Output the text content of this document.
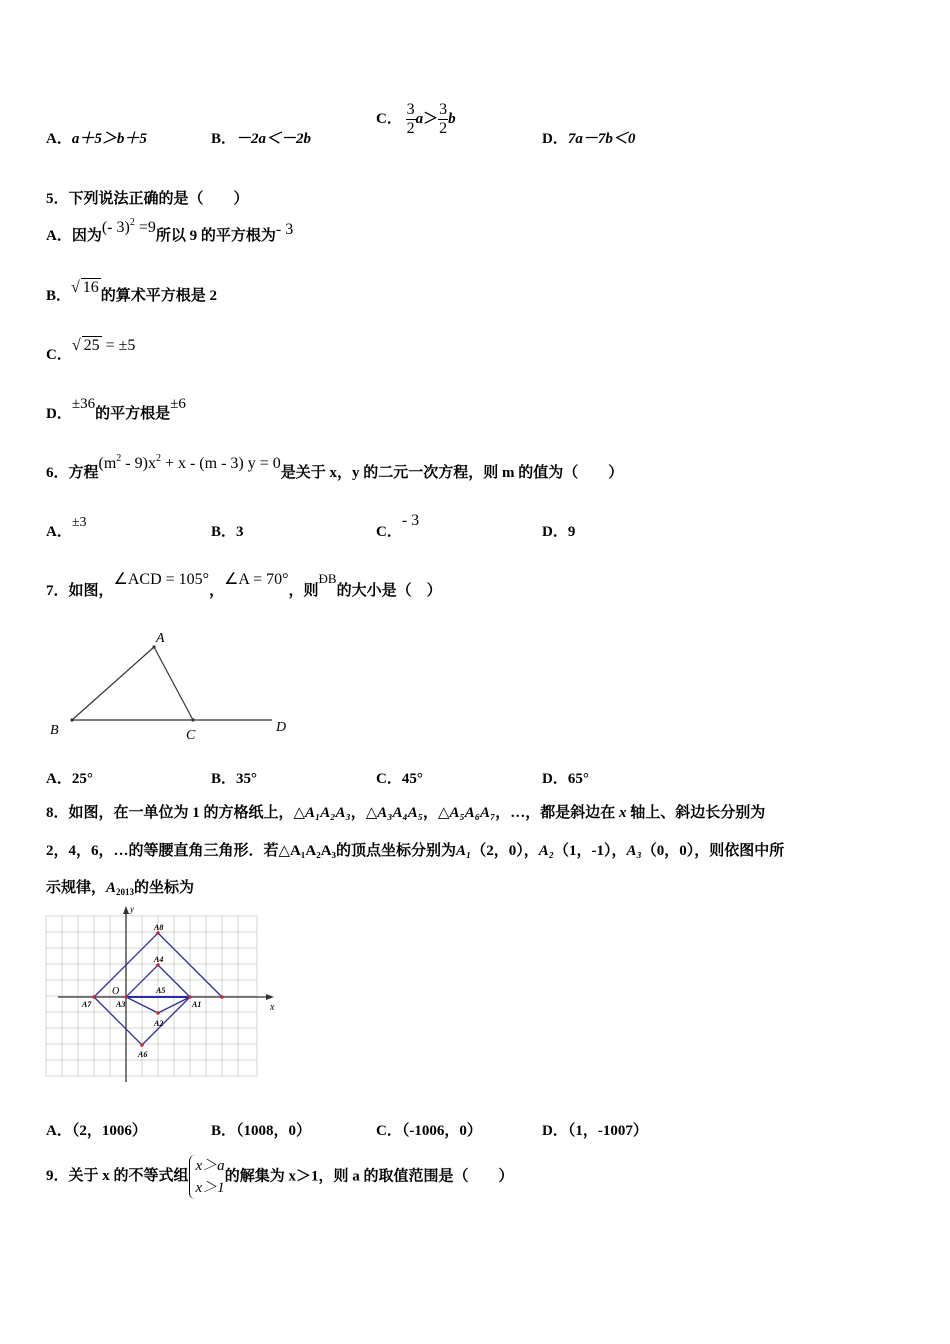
A．a＋5＞b＋5	B．－2a＜－2b
C． $\frac{3}{2} a> \frac{3}{2}$ b
D．7a－7b＜0
5．下列说法正确的是（　　）
A．因为(- 3)$^2$ =9所以 9 的平方根为- 3
B．√ 16 的算术平方根是 2
C．√ 25 = ±5
D．±36的平方根是±6
6．方程$(m^2 - 9)x^2 + x - (m - 3) y = 0$是关于 x，y 的二元一次方程，则 m 的值为（　　）
A．±3
B．3	C．- 3
D．9
7．如图，∠ACD = 105°，∠A = 70°，则ÐB的大小是（　）
A
B	C
D
A．25°	B．35°	C．45°	D．65°
8．如图，在一单位为 1 的方格纸上，△A₁A₂A₃，△A₃A₄A₅，△A₅A₆A₇，…，都是斜边在 x 轴上、斜边长分别为
2，4，6，…的等腰直角三角形．若△A₁A₂A₃的顶点坐标分别为A₁（2，0），A₂（1，-1），A₃（0，0），则依图中所
示规律，$A_{2013}$的坐标为
x
y
O
A1
A2
A3
A4
A5
A6
A7
A8
A．（2，1006）	B．（1008，0）	C．（-1006，0）	D．（1，-1007）
9．关于 x 的不等式组
x＞a
x＞1
的解集为 x＞1，则 a 的取值范围是（　　）
